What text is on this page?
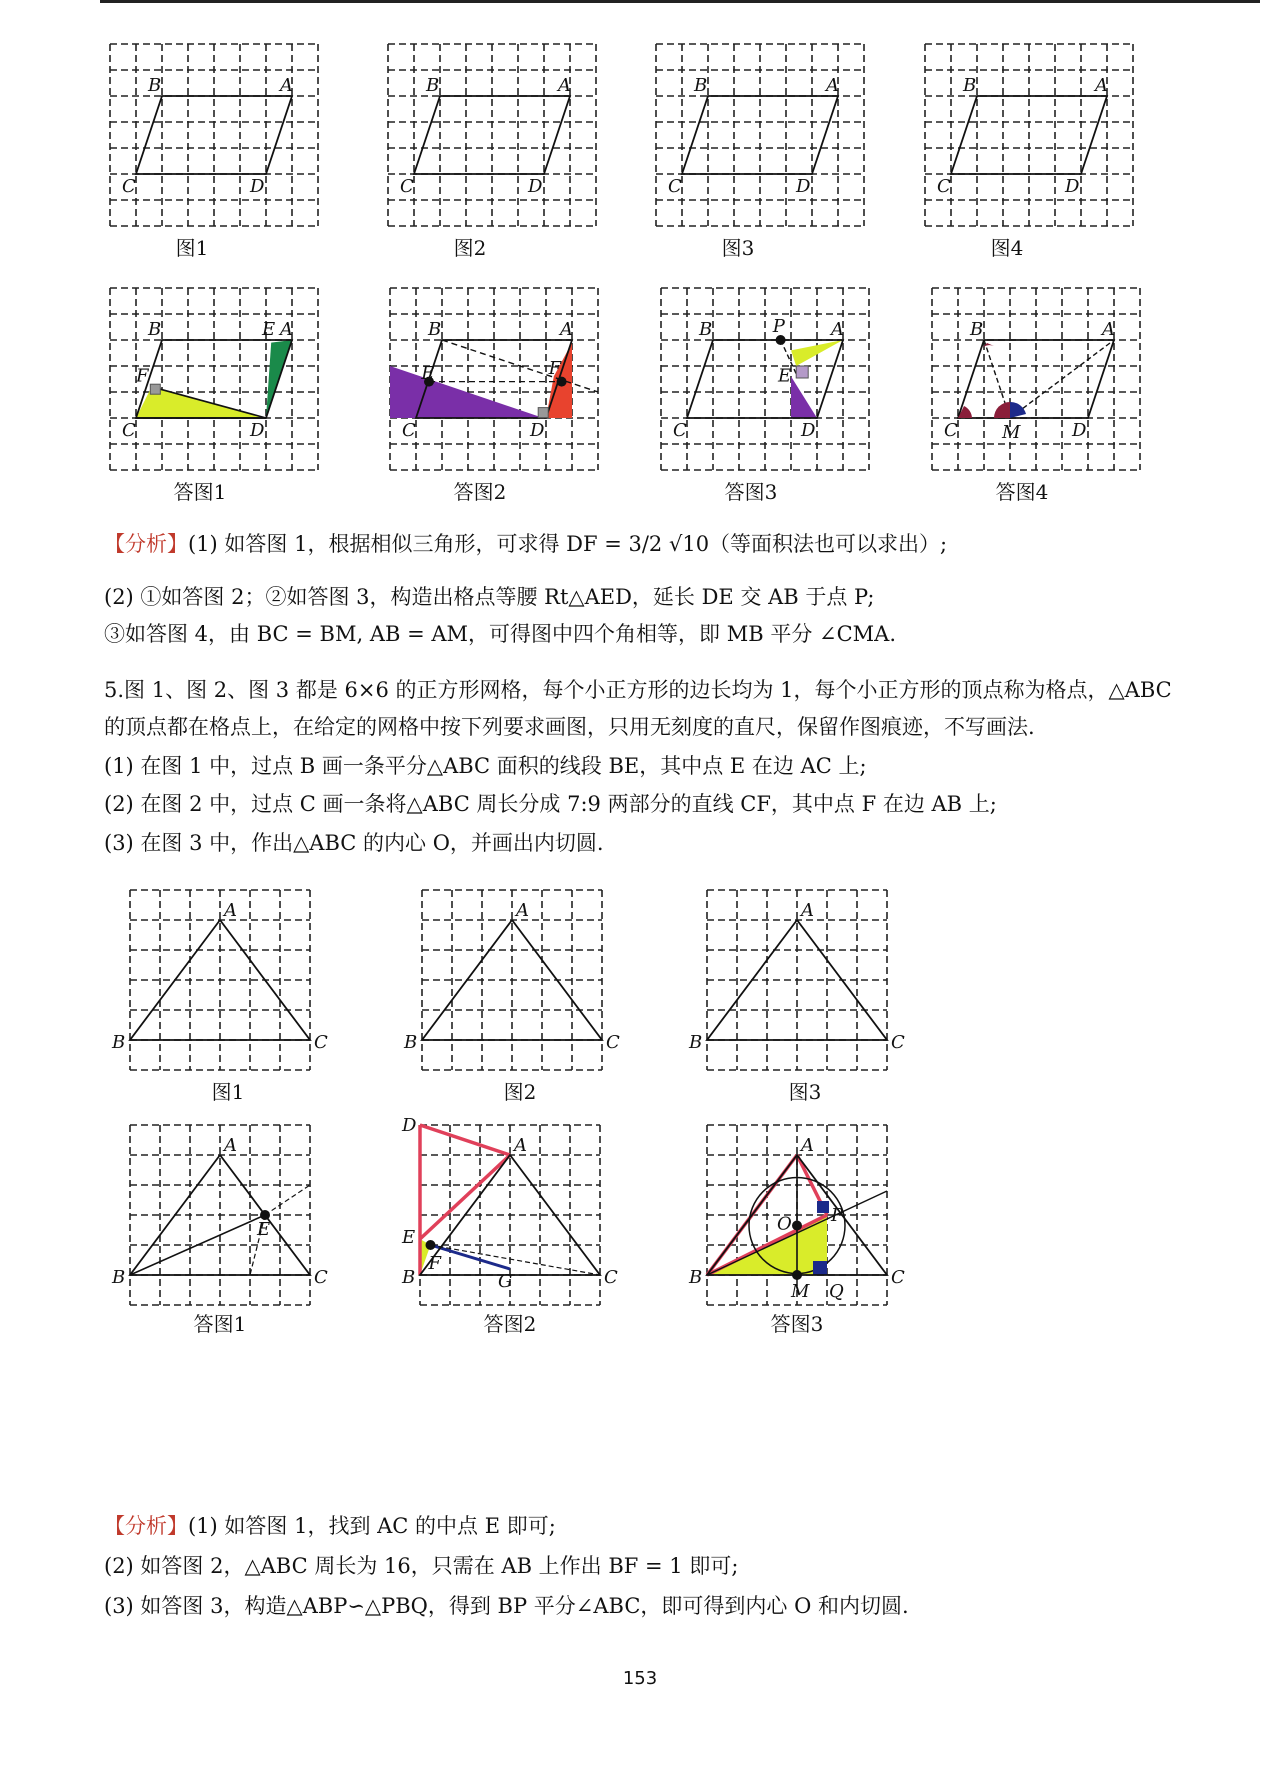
【分析】(1) 如答图 1，根据相似三角形，可求得 DF = 3/2 √10（等面积法也可以求出）;
(2) ①如答图 2；②如答图 3，构造出格点等腰 Rt△AED，延长 DE 交 AB 于点 P;
③如答图 4，由 BC = BM, AB = AM，可得图中四个角相等，即 MB 平分 ∠CMA.
5.图 1、图 2、图 3 都是 6×6 的正方形网格，每个小正方形的边长均为 1，每个小正方形的顶点称为格点，△ABC
的顶点都在格点上，在给定的网格中按下列要求画图，只用无刻度的直尺，保留作图痕迹，不写画法.
(1) 在图 1 中，过点 B 画一条平分△ABC 面积的线段 BE，其中点 E 在边 AC 上;
(2) 在图 2 中，过点 C 画一条将△ABC 周长分成 7:9 两部分的直线 CF，其中点 F 在边 AB 上;
(3) 在图 3 中，作出△ABC 的内心 O，并画出内切圆.
【分析】(1) 如答图 1，找到 AC 的中点 E 即可;
(2) 如答图 2，△ABC 周长为 16，只需在 AB 上作出 BF = 1 即可;
(3) 如答图 3，构造△ABP∽△PBQ，得到 BP 平分∠ABC，即可得到内心 O 和内切圆.
153
B	A
C	D
图1
B	A
C	D
图2
B	A
C	D
图3
B	A
C	D
图4
F
E
B	A
C	D
答图1
E	F
B	A
C	D
答图2
P
E
B	A
C	D
答图3
M
B	A
C	D
答图4
A
B	C
图1
A
B	C
图2
A
B	C
图3
E
A
B	C
答图1
D
E
F
G
A
B	C
答图2
O P
M Q
A
B	C
答图3
